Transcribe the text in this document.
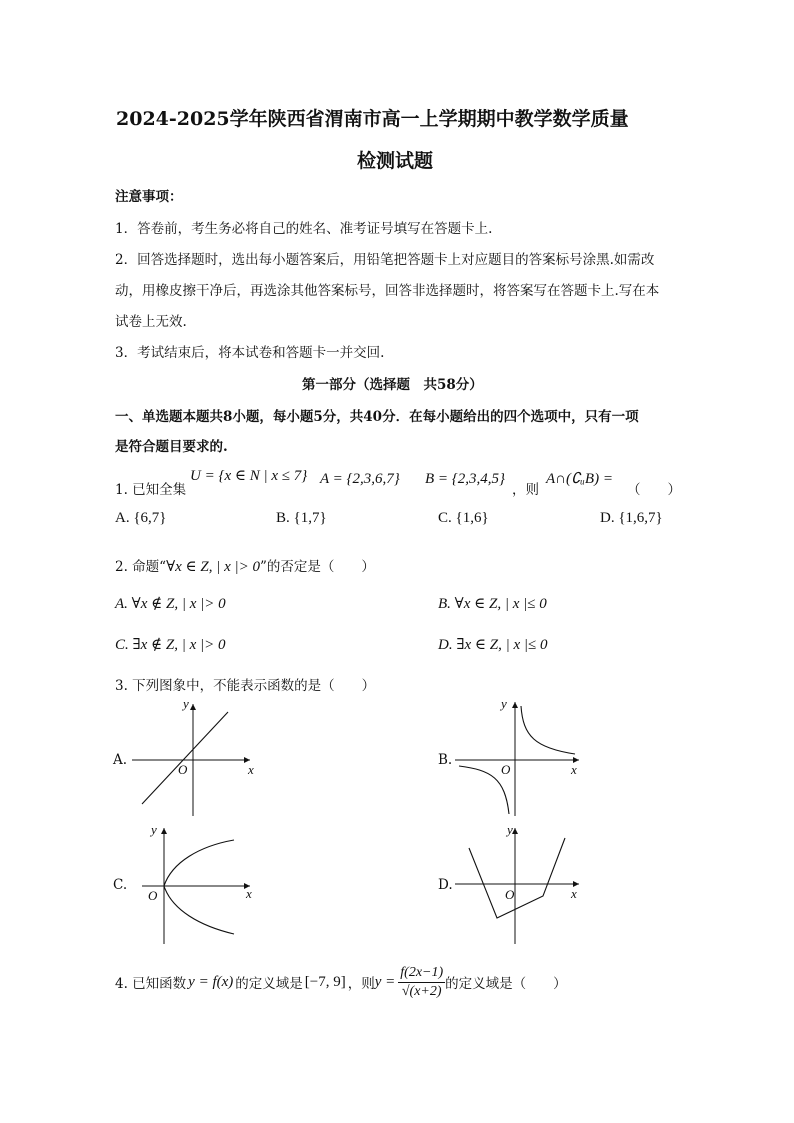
2024-2025学年陕西省渭南市高一上学期期中教学数学质量
检测试题
注意事项：
1．答卷前，考生务必将自己的姓名、准考证号填写在答题卡上.
2．回答选择题时，选出每小题答案后，用铅笔把答题卡上对应题目的答案标号涂黑.如需改
动，用橡皮擦干净后，再选涂其他答案标号，回答非选择题时，将答案写在答题卡上.写在本
试卷上无效.
3．考试结束后，将本试卷和答题卡一并交回.
第一部分（选择题　共58分）
一、单选题本题共8小题，每小题5分，共40分．在每小题给出的四个选项中，只有一项
是符合题目要求的.
1. 已知全集
U = {x ∈ N | x ≤ 7} A = {2,3,6,7} B = {2,3,4,5}
，则
A∩(∁ᵤB) =
（　　）
A. {6,7}	B. {1,7}	C. {1,6}	D. {1,6,7}
2. 命题“∀x ∈ Z, | x |> 0”的否定是（　　）
A. ∀x ∉ Z, | x |> 0	B. ∀x ∈ Z, | x |≤ 0
C. ∃x ∉ Z, | x |> 0	D. ∃x ∈ Z, | x |≤ 0
3. 下列图象中，不能表示函数的是（　　）
A.
x
y
O
B.
x
y
O
C.
x
y
O
D.
x
y
O
4. 已知函数 y = f(x) 的定义域是 [−7, 9] ，则 $y = \frac{f(2x-1)}{√(x+2)}$ 的定义域是（　　）
